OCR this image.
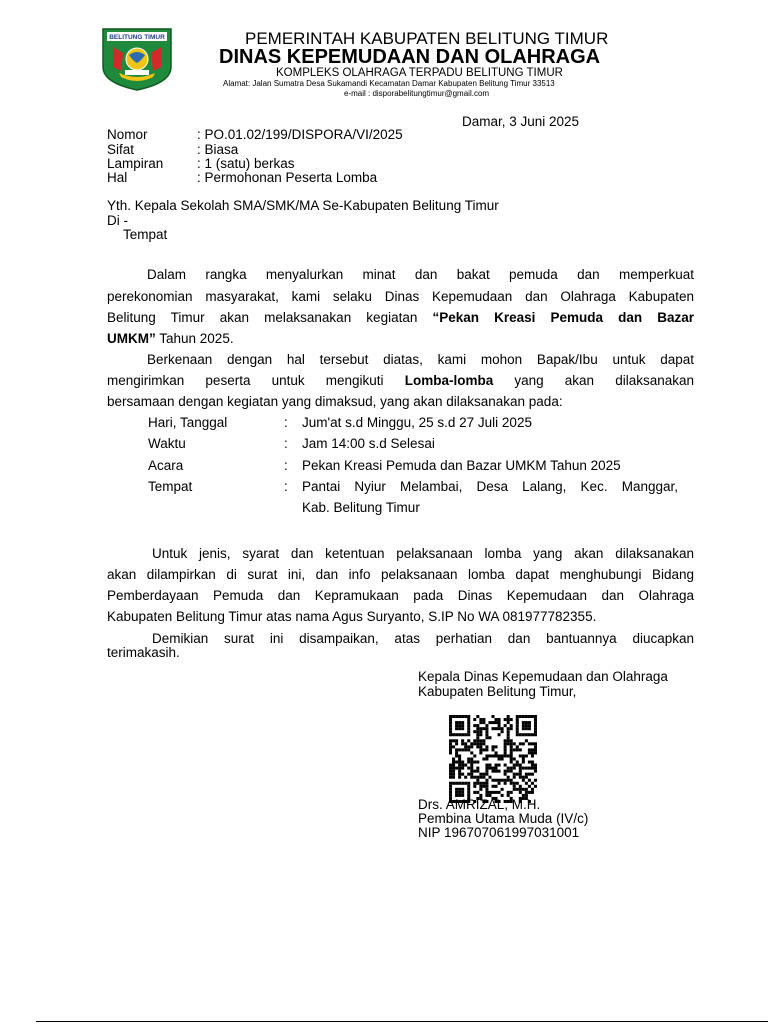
BELITUNG TIMUR	PEMERINTAH KABUPATEN BELITUNG TIMUR
DINAS KEPEMUDAAN DAN OLAHRAGA
KOMPLEKS OLAHRAGA TERPADU BELITUNG TIMUR
Alamat: Jalan Sumatra Desa Sukamandi Kecamatan Damar Kabupaten Belitung Timur 33513
e-mail : disporabelitungtimur@gmail.com
Damar, 3 Juni 2025
Nomor	: PO.01.02/199/DISPORA/VI/2025
Sifat	: Biasa
Lampiran : 1 (satu) berkas
Hal	: Permohonan Peserta Lomba
Yth. Kepala Sekolah SMA/SMK/MA Se-Kabupaten Belitung Timur
Di -
Tempat
Dalam rangka menyalurkan minat dan bakat pemuda dan memperkuat
perekonomian masyarakat, kami selaku Dinas Kepemudaan dan Olahraga Kabupaten
Belitung Timur akan melaksanakan kegiatan “Pekan Kreasi Pemuda dan Bazar
UMKM” Tahun 2025.
Berkenaan dengan hal tersebut diatas, kami mohon Bapak/Ibu untuk dapat
mengirimkan peserta untuk mengikuti Lomba-lomba yang akan dilaksanakan
bersamaan dengan kegiatan yang dimaksud, yang akan dilaksanakan pada:
Hari, Tanggal	: Jum'at s.d Minggu, 25 s.d 27 Juli 2025
Waktu	: Jam 14:00 s.d Selesai
Acara	: Pekan Kreasi Pemuda dan Bazar UMKM Tahun 2025
Tempat	: Pantai Nyiur Melambai, Desa Lalang, Kec. Manggar,
Kab. Belitung Timur
Untuk jenis, syarat dan ketentuan pelaksanaan lomba yang akan dilaksanakan
akan dilampirkan di surat ini, dan info pelaksanaan lomba dapat menghubungi Bidang
Pemberdayaan Pemuda dan Kepramukaan pada Dinas Kepemudaan dan Olahraga
Kabupaten Belitung Timur atas nama Agus Suryanto, S.IP No WA 081977782355.
Demikian surat ini disampaikan, atas perhatian dan bantuannya diucapkan
terimakasih.
Kepala Dinas Kepemudaan dan Olahraga
Kabupaten Belitung Timur,
Drs. AMRIZAL, M.H.
Pembina Utama Muda (IV/c)
NIP 196707061997031001
